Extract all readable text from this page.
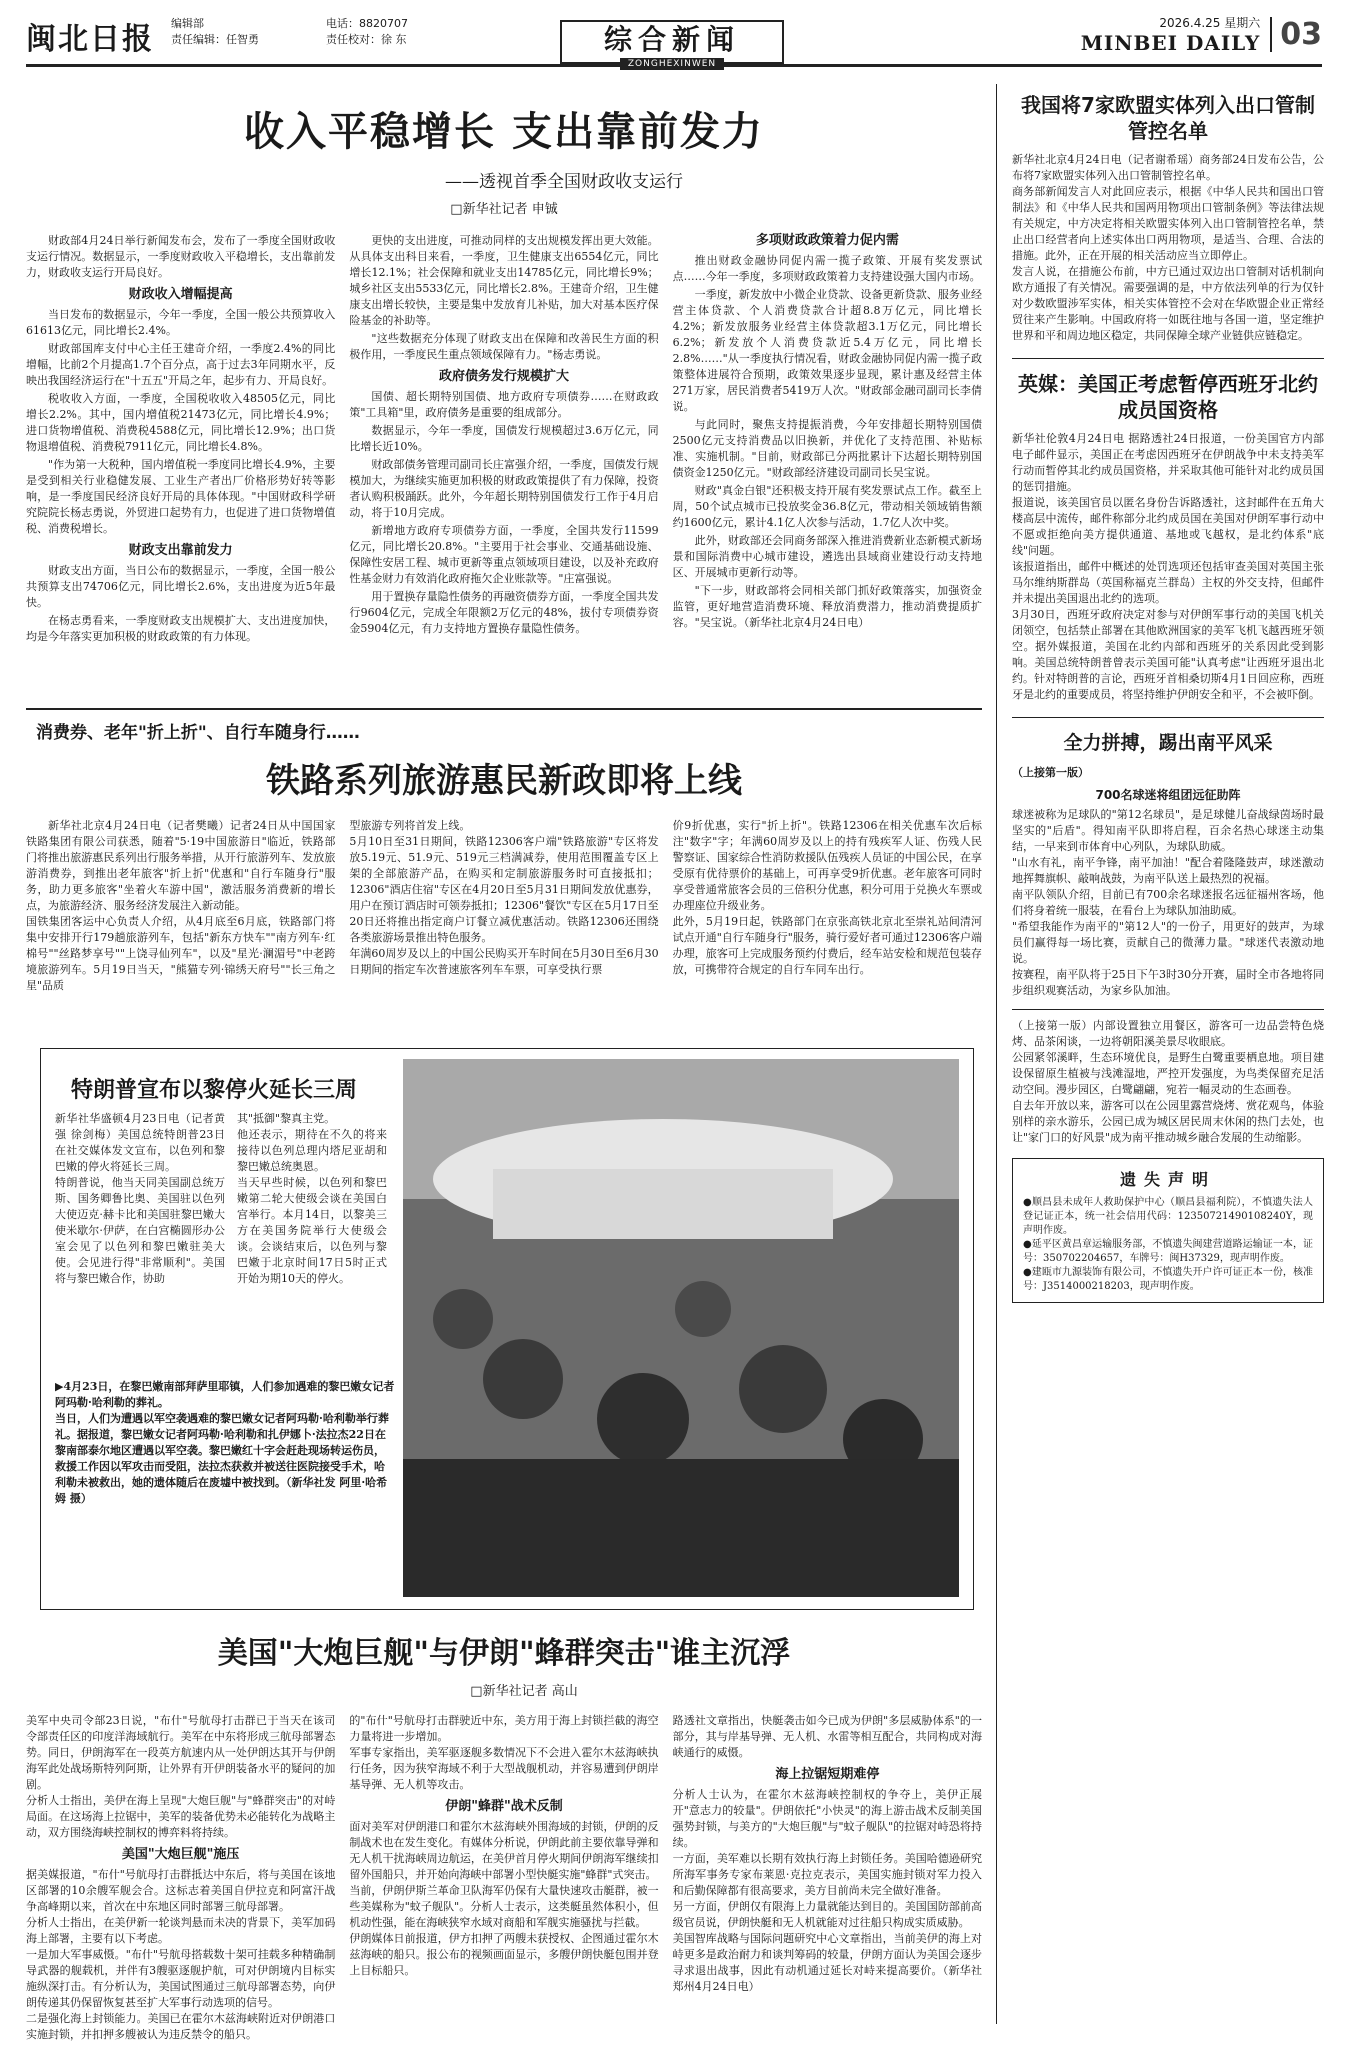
闽北日报 编辑部
责任编辑：任智勇
电话：8820707
责任校对：徐 东	综合新闻
ZONGHEXINWEN
2026.4.25 星期六
MINBEI DAILY 03
收入平稳增长 支出靠前发力
——透视首季全国财政收支运行
□新华社记者 申铖

财政部4月24日举行新闻发布会，发布了一季度全国财政收支运行情况。数据显示，一季度财政收入平稳增长，支出靠前发力，财政收支运行开局良好。

财政收入增幅提高

当日发布的数据显示，今年一季度，全国一般公共预算收入61613亿元，同比增长2.4%。

财政部国库支付中心主任王建奇介绍，一季度2.4%的同比增幅，比前2个月提高1.7个百分点，高于过去3年同期水平，反映出我国经济运行在"十五五"开局之年，起步有力、开局良好。

税收收入方面，一季度，全国税收收入48505亿元，同比增长2.2%。其中，国内增值税21473亿元，同比增长4.9%；进口货物增值税、消费税4588亿元，同比增长12.9%；出口货物退增值税、消费税7911亿元，同比增长4.8%。

"作为第一大税种，国内增值税一季度同比增长4.9%，主要是受到相关行业稳健发展、工业生产者出厂价格形势好转等影响，是一季度国民经济良好开局的具体体现。"中国财政科学研究院院长杨志勇说，外贸进口起势有力，也促进了进口货物增值税、消费税增长。

财政支出靠前发力

财政支出方面，当日公布的数据显示，一季度，全国一般公共预算支出74706亿元，同比增长2.6%，支出进度为近5年最快。

在杨志勇看来，一季度财政支出规模扩大、支出进度加快，均是今年落实更加积极的财政政策的有力体现。

更快的支出进度，可推动同样的支出规模发挥出更大效能。从具体支出科目来看，一季度，卫生健康支出6554亿元，同比增长12.1%；社会保障和就业支出14785亿元，同比增长9%；城乡社区支出5533亿元，同比增长2.8%。王建奇介绍，卫生健康支出增长较快，主要是集中发放育儿补贴，加大对基本医疗保险基金的补助等。

"这些数据充分体现了财政支出在保障和改善民生方面的积极作用，一季度民生重点领域保障有力。"杨志勇说。

政府债务发行规模扩大

国债、超长期特别国债、地方政府专项债券……在财政政策"工具箱"里，政府债务是重要的组成部分。

数据显示，今年一季度，国债发行规模超过3.6万亿元，同比增长近10%。

财政部债务管理司副司长庄富强介绍，一季度，国债发行规模加大，为继续实施更加积极的财政政策提供了有力保障，投资者认购积极踊跃。此外，今年超长期特别国债发行工作于4月启动，将于10月完成。

新增地方政府专项债券方面，一季度，全国共发行11599亿元，同比增长20.8%。"主要用于社会事业、交通基础设施、保障性安居工程、城市更新等重点领域项目建设，以及补充政府性基金财力有效消化政府拖欠企业账款等。"庄富强说。

用于置换存量隐性债务的再融资债券方面，一季度全国共发行9604亿元，完成全年限额2万亿元的48%，拔付专项债券资金5904亿元，有力支持地方置换存量隐性债务。

多项财政政策着力促内需

推出财政金融协同促内需一揽子政策、开展有奖发票试点……今年一季度，多项财政政策着力支持建设强大国内市场。

一季度，新发放中小微企业贷款、设备更新贷款、服务业经营主体贷款、个人消费贷款合计超8.8万亿元，同比增长4.2%；新发放服务业经营主体贷款超3.1万亿元，同比增长6.2%；新发放个人消费贷款近5.4万亿元，同比增长2.8%……"从一季度执行情况看，财政金融协同促内需一揽子政策整体进展符合预期，政策效果逐步显现，累计惠及经营主体271万家，居民消费者5419万人次。"财政部金融司副司长李倩说。

与此同时，聚焦支持提振消费，今年安排超长期特别国债2500亿元支持消费品以旧换新，并优化了支持范围、补贴标准、实施机制。"目前，财政部已分两批累计下达超长期特别国债资金1250亿元。"财政部经济建设司副司长吴宝说。

财政"真金白银"还积极支持开展有奖发票试点工作。截至上周，50个试点城市已投放奖金36.8亿元，带动相关领域销售额约1600亿元，累计4.1亿人次参与活动，1.7亿人次中奖。

此外，财政部还会同商务部深入推进消费新业态新模式新场景和国际消费中心城市建设，遴选出县域商业建设行动支持地区、开展城市更新行动等。

"下一步，财政部将会同相关部门抓好政策落实，加强资金监管，更好地营造消费环境、释放消费潜力，推动消费提质扩容。"吴宝说。（新华社北京4月24日电）

消费券、老年"折上折"、自行车随身行……
铁路系列旅游惠民新政即将上线
新华社北京4月24日电（记者樊曦）记者24日从中国国家铁路集团有限公司获悉，随着"5·19中国旅游日"临近，铁路部门将推出旅游惠民系列出行服务举措，从开行旅游列车、发放旅游消费券，到推出老年旅客"折上折"优惠和"自行车随身行"服务，助力更多旅客"坐着火车游中国"，激活服务消费新的增长点，为旅游经济、服务经济发展注入新动能。
国铁集团客运中心负责人介绍，从4月底至6月底，铁路部门将集中安排开行179趟旅游列车，包括"新东方快车""南方列车·红棉号""丝路梦享号""上饶寻仙列车"，以及"星光·澜湄号"中老跨境旅游列车。5月19日当天，"熊猫专列·锦绣天府号""长三角之星"品质
型旅游专列将首发上线。
5月10日至31日期间，铁路12306客户端"铁路旅游"专区将发放5.19元、51.9元、519元三档满减券，使用范围覆盖专区上架的全部旅游产品，在购买和定制旅游服务时可直接抵扣；12306"酒店住宿"专区在4月20日至5月31日期间发放优惠券，用户在预订酒店时可领券抵扣；12306"餐饮"专区在5月17日至20日还将推出指定商户订餐立减优惠活动。铁路12306还围绕各类旅游场景推出特色服务。
年满60周岁及以上的中国公民购买开车时间在5月30日至6月30日期间的指定车次普速旅客列车车票，可享受执行票
价9折优惠，实行"折上折"。铁路12306在相关优惠车次后标注"数字"字；年满60周岁及以上的持有残疾军人证、伤残人民警察证、国家综合性消防救援队伍残疾人员证的中国公民，在享受原有优待票价的基础上，可再享受9折优惠。老年旅客可同时享受普通常旅客会员的三倍积分优惠，积分可用于兑换火车票或办理座位升级业务。
此外，5月19日起，铁路部门在京张高铁北京北至崇礼站间清河试点开通"自行车随身行"服务，骑行爱好者可通过12306客户端办理，旅客可上完成服务预约付费后，经车站安检和规范包装存放，可携带符合规定的自行车同车出行。
特朗普宣布以黎停火延长三周
新华社华盛顿4月23日电（记者黄强 徐剑梅）美国总统特朗普23日在社交媒体发文宣布，以色列和黎巴嫩的停火将延长三周。
特朗普说，他当天同美国副总统万斯、国务卿鲁比奥、美国驻以色列大使迈克·赫卡比和美国驻黎巴嫩大使米歇尔·伊萨，在白宫椭圆形办公室会见了以色列和黎巴嫩驻美大使。会见进行得"非常顺利"。美国将与黎巴嫩合作，协助
其"抵御"黎真主党。
他还表示，期待在不久的将来接待以色列总理内塔尼亚胡和黎巴嫩总统奥恩。
当天早些时候，以色列和黎巴嫩第二轮大使级会谈在美国白宫举行。本月14日，以黎美三方在美国务院举行大使级会谈。会谈结束后，以色列与黎巴嫩于北京时间17日5时正式开始为期10天的停火。
▶4月23日，在黎巴嫩南部拜萨里耶镇，人们参加遇难的黎巴嫩女记者阿玛勒·哈利勒的葬礼。
当日，人们为遭遇以军空袭遇难的黎巴嫩女记者阿玛勒·哈利勒举行葬礼。据报道，黎巴嫩女记者阿玛勒·哈利勒和扎伊娜卜·法拉杰22日在黎南部泰尔地区遭遇以军空袭。黎巴嫩红十字会赶赴现场转运伤员，救援工作因以军攻击而受阻，法拉杰获救并被送往医院接受手术，哈利勒未被救出，她的遗体随后在废墟中被找到。（新华社发 阿里·哈希姆 摄）
美国"大炮巨舰"与伊朗"蜂群突击"谁主沉浮
□新华社记者 高山
美军中央司令部23日说，"布什"号航母打击群已于当天在该司令部责任区的印度洋海域航行。美军在中东将形成三航母部署态势。同日，伊朗海军在一段英方航速内从一处伊朗达其开与伊朗海军此处战场斯特列阿斯，让外界有开伊朗装备水平的疑问的加剧。
分析人士指出，美伊在海上呈现"大炮巨舰"与"蜂群突击"的对峙局面。在这场海上拉锯中，美军的装备优势未必能转化为战略主动，双方围绕海峡控制权的博弈料将持续。
美国"大炮巨舰"施压
据美媒报道，"布什"号航母打击群抵达中东后，将与美国在该地区部署的10余艘军舰会合。这标志着美国自伊拉克和阿富汗战争高峰期以来，首次在中东地区同时部署三航母部署。
分析人士指出，在美伊新一轮谈判悬而未决的背景下，美军加码海上部署，主要有以下考虑。
一是加大军事威慑。"布什"号航母搭载数十架可挂载多种精确制导武器的舰载机，并伴有3艘驱逐舰护航，可对伊朗境内目标实施纵深打击。有分析认为，美国试图通过三航母部署态势，向伊朗传递其仍保留恢复甚至扩大军事行动选项的信号。
二是强化海上封锁能力。美国已在霍尔木兹海峡附近对伊朗港口实施封锁，并扣押多艘被认为违反禁令的船只。
的"布什"号航母打击群驶近中东，美方用于海上封锁拦截的海空力量将进一步增加。
军事专家指出，美军驱逐舰多数情况下不会进入霍尔木兹海峡执行任务，因为狭窄海域不利于大型战舰机动，并容易遭到伊朗岸基导弹、无人机等攻击。
伊朗"蜂群"战术反制
面对美军对伊朗港口和霍尔木兹海峡外围海域的封锁，伊朗的反制战术也在发生变化。有媒体分析说，伊朗此前主要依靠导弹和无人机干扰海峡周边航运，在美伊首月停火期间伊朗海军继续扣留外国船只，并开始向海峡中部署小型快艇实施"蜂群"式突击。
当前，伊朗伊斯兰革命卫队海军仍保有大量快速攻击艇群，被一些美媒称为"蚊子舰队"。分析人士表示，这类艇虽然体积小，但机动性强，能在海峡狭窄水域对商船和军舰实施骚扰与拦截。
伊朗媒体日前报道，伊方扣押了两艘未获授权、企图通过霍尔木兹海峡的船只。报公布的视频画面显示，多艘伊朗快艇包围并登上目标船只。
路透社文章指出，快艇袭击如今已成为伊朗"多层威胁体系"的一部分，其与岸基导弹、无人机、水雷等相互配合，共同构成对海峡通行的威慑。
海上拉锯短期难停
分析人士认为，在霍尔木兹海峡控制权的争夺上，美伊正展开"意志力的较量"。伊朗依托"小快灵"的海上游击战术反制美国强势封锁，与美方的"大炮巨舰"与"蚊子舰队"的拉锯对峙恐将持续。
一方面，美军难以长期有效执行海上封锁任务。美国哈德逊研究所海军事务专家布莱恩·克拉克表示，美国实施封锁对军力投入和后勤保障都有很高要求，美方目前尚未完全做好准备。
另一方面，伊朗仅有限海上力量就能达到目的。美国国防部前高级官员说，伊朗快艇和无人机就能对过往船只构成实质威胁。
美国智库战略与国际问题研究中心文章指出，当前美伊的海上对峙更多是政治耐力和谈判筹码的较量，伊朗方面认为美国会逐步寻求退出战事，因此有动机通过延长对峙来提高要价。（新华社郑州4月24日电）
我国将7家欧盟实体列入出口管制管控名单
新华社北京4月24日电（记者谢希瑶）商务部24日发布公告，公布将7家欧盟实体列入出口管制管控名单。
商务部新闻发言人对此回应表示，根据《中华人民共和国出口管制法》和《中华人民共和国两用物项出口管制条例》等法律法规有关规定，中方决定将相关欧盟实体列入出口管制管控名单，禁止出口经营者向上述实体出口两用物项，是适当、合理、合法的措施。此外，正在开展的相关活动应当立即停止。
发言人说，在措施公布前，中方已通过双边出口管制对话机制向欧方通报了有关情况。需要强调的是，中方依法列单的行为仅针对少数欧盟涉军实体，相关实体管控不会对在华欧盟企业正常经贸往来产生影响。中国政府将一如既往地与各国一道，坚定维护世界和平和周边地区稳定，共同保障全球产业链供应链稳定。
英媒：美国正考虑暂停西班牙北约成员国资格
新华社伦敦4月24日电 据路透社24日报道，一份美国官方内部电子邮件显示，美国正在考虑因西班牙在伊朗战争中未支持美军行动而暂停其北约成员国资格，并采取其他可能针对北约成员国的惩罚措施。
报道说，该美国官员以匿名身份告诉路透社，这封邮件在五角大楼高层中流传，邮件称部分北约成员国在美国对伊朗军事行动中不愿或拒绝向美方提供通道、基地或飞越权，是北约体系"底线"问题。
该报道指出，邮件中概述的处罚选项还包括审查美国对英国主张马尔维纳斯群岛（英国称福克兰群岛）主权的外交支持，但邮件并未提出美国退出北约的选项。
3月30日，西班牙政府决定对参与对伊朗军事行动的美国飞机关闭领空，包括禁止部署在其他欧洲国家的美军飞机飞越西班牙领空。据外媒报道，美国在北约内部和西班牙的关系因此受到影响。美国总统特朗普曾表示美国可能"认真考虑"让西班牙退出北约。针对特朗普的言论，西班牙首相桑切斯4月1日回应称，西班牙是北约的重要成员，将坚持维护伊朗安全和平，不会被吓倒。
全力拼搏，踢出南平风采
（上接第一版）
700名球迷将组团远征助阵
球迷被称为足球队的"第12名球员"，是足球健儿奋战绿茵场时最坚实的"后盾"。得知南平队即将启程，百余名热心球迷主动集结，一早来到市体育中心列队，为球队助威。
"山水有礼，南平争锋，南平加油！"配合着隆隆鼓声，球迷激动地挥舞旗帜、敲响战鼓，为南平队送上最热烈的祝福。
南平队领队介绍，目前已有700余名球迷报名远征福州客场，他们将身着统一服装，在看台上为球队加油助威。
"希望我能作为南平的"第12人"的一份子，用更好的鼓声，为球员们赢得每一场比赛，贡献自己的微薄力量。"球迷代表激动地说。
按赛程，南平队将于25日下午3时30分开赛，届时全市各地将同步组织观赛活动，为家乡队加油。
（上接第一版）内部设置独立用餐区，游客可一边品尝特色烧烤、品茶闲谈，一边将朝阳溪美景尽收眼底。
公园紧邻溪畔，生态环境优良，是野生白鹭重要栖息地。项目建设保留原生植被与浅滩湿地，严控开发强度，为鸟类保留充足活动空间。漫步园区，白鹭翩翩，宛若一幅灵动的生态画卷。
自去年开放以来，游客可以在公园里露营烧烤、赏花观鸟，体验别样的亲水游乐，公园已成为城区居民周末休闲的热门去处，也让"家门口的好风景"成为南平推动城乡融合发展的生动缩影。
遗失声明
●顺昌县未成年人救助保护中心（顺昌县福利院），不慎遗失法人登记证正本，统一社会信用代码：12350721490108240Y，现声明作废。
●延平区黄昌章运输服务部，不慎遗失闽建营道路运输证一本，证号：350702204657，车牌号：闽H37329，现声明作废。
●建瓯市九源装饰有限公司，不慎遗失开户许可证正本一份，核准号：J3514000218203，现声明作废。
